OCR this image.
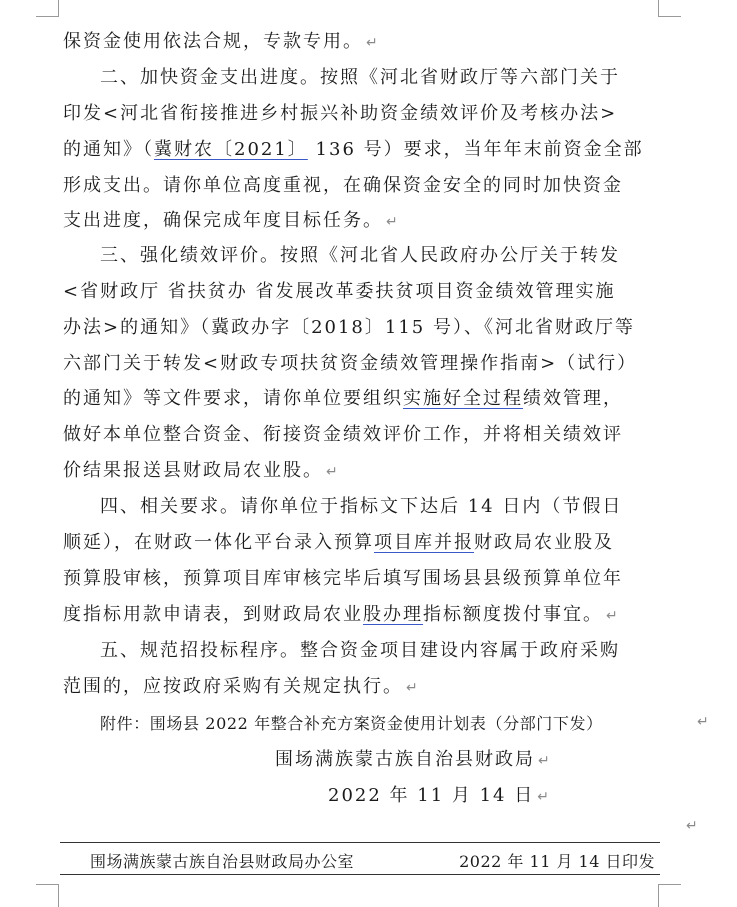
保资金使用依法合规，专款专用。 ↵
二、加快资金支出进度。按照《河北省财政厅等六部门关于
印发<河北省衔接推进乡村振兴补助资金绩效评价及考核办法>
的通知》（冀财农〔2021〕 136 号）要求，当年年末前资金全部
形成支出。请你单位高度重视，在确保资金安全的同时加快资金
支出进度，确保完成年度目标任务。 ↵
三、强化绩效评价。按照《河北省人民政府办公厅关于转发
<省财政厅 省扶贫办 省发展改革委扶贫项目资金绩效管理实施
办法>的通知》（冀政办字〔2018〕115 号）、《河北省财政厅等
六部门关于转发<财政专项扶贫资金绩效管理操作指南>（试行）
的通知》等文件要求，请你单位要组织实施好全过程绩效管理，
做好本单位整合资金、衔接资金绩效评价工作，并将相关绩效评
价结果报送县财政局农业股。 ↵
四、相关要求。请你单位于指标文下达后 14 日内（节假日
顺延），在财政一体化平台录入预算项目库并报财政局农业股及
预算股审核，预算项目库审核完毕后填写围场县县级预算单位年
度指标用款申请表，到财政局农业股办理指标额度拨付事宜。 ↵
五、规范招投标程序。整合资金项目建设内容属于政府采购
范围的，应按政府采购有关规定执行。 ↵
附件：围场县 2022 年整合补充方案资金使用计划表（分部门下发）	↵
围场满族蒙古族自治县财政局 ↵
2022 年 11 月 14 日 ↵
↵
围场满族蒙古族自治县财政局办公室	2022 年 11 月 14 日印发
